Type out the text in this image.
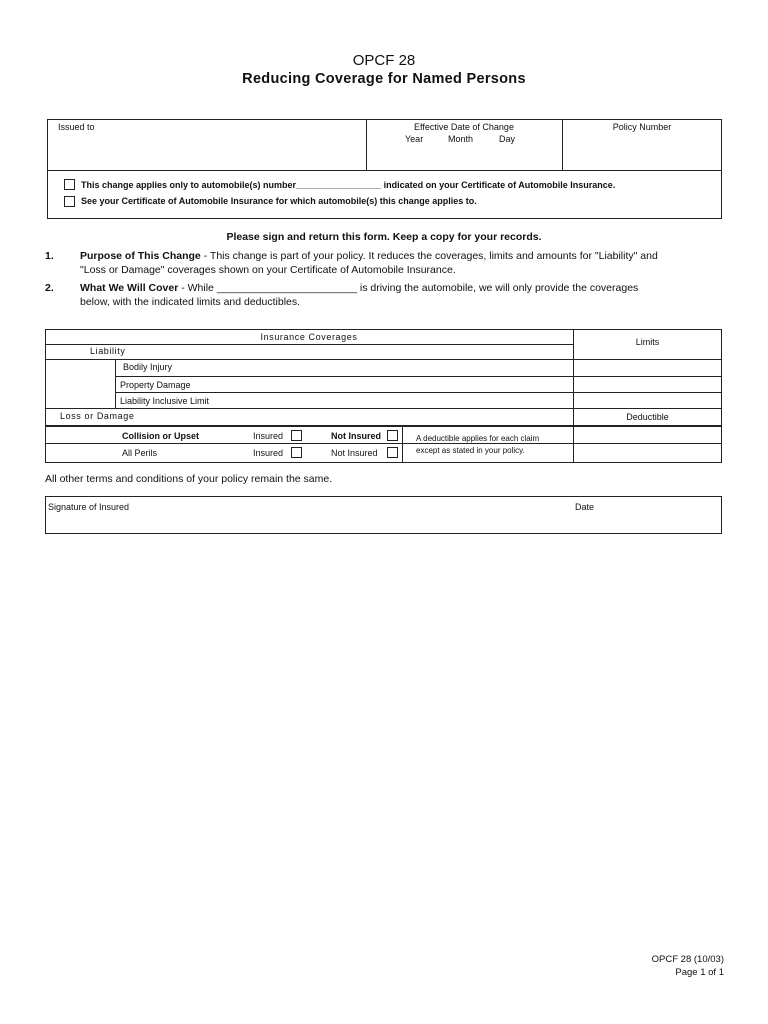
OPCF 28
Reducing Coverage for Named Persons
Issued to	Effective Date of Change
Year	Month	Day
Policy Number
This change applies only to automobile(s) number_________________ indicated on your Certificate of Automobile Insurance.
See your Certificate of Automobile Insurance for which automobile(s) this change applies to.
Please sign and return this form. Keep a copy for your records.
1. Purpose of This Change - This change is part of your policy. It reduces the coverages, limits and amounts for "Liability" and
"Loss or Damage" coverages shown on your Certificate of Automobile Insurance.
2. What We Will Cover - While ________________________ is driving the automobile, we will only provide the coverages
below, with the indicated limits and deductibles.
Insurance Coverages	Limits
Liability
Bodily Injury
Property Damage
Liability Inclusive Limit
Loss or Damage	Deductible
Collision or Upset	Insured	Not Insured
All Perils	Insured	Not Insured
A deductible applies for each claim
except as stated in your policy.
All other terms and conditions of your policy remain the same.
Signature of Insured	Date
OPCF 28 (10/03)
Page 1 of 1
